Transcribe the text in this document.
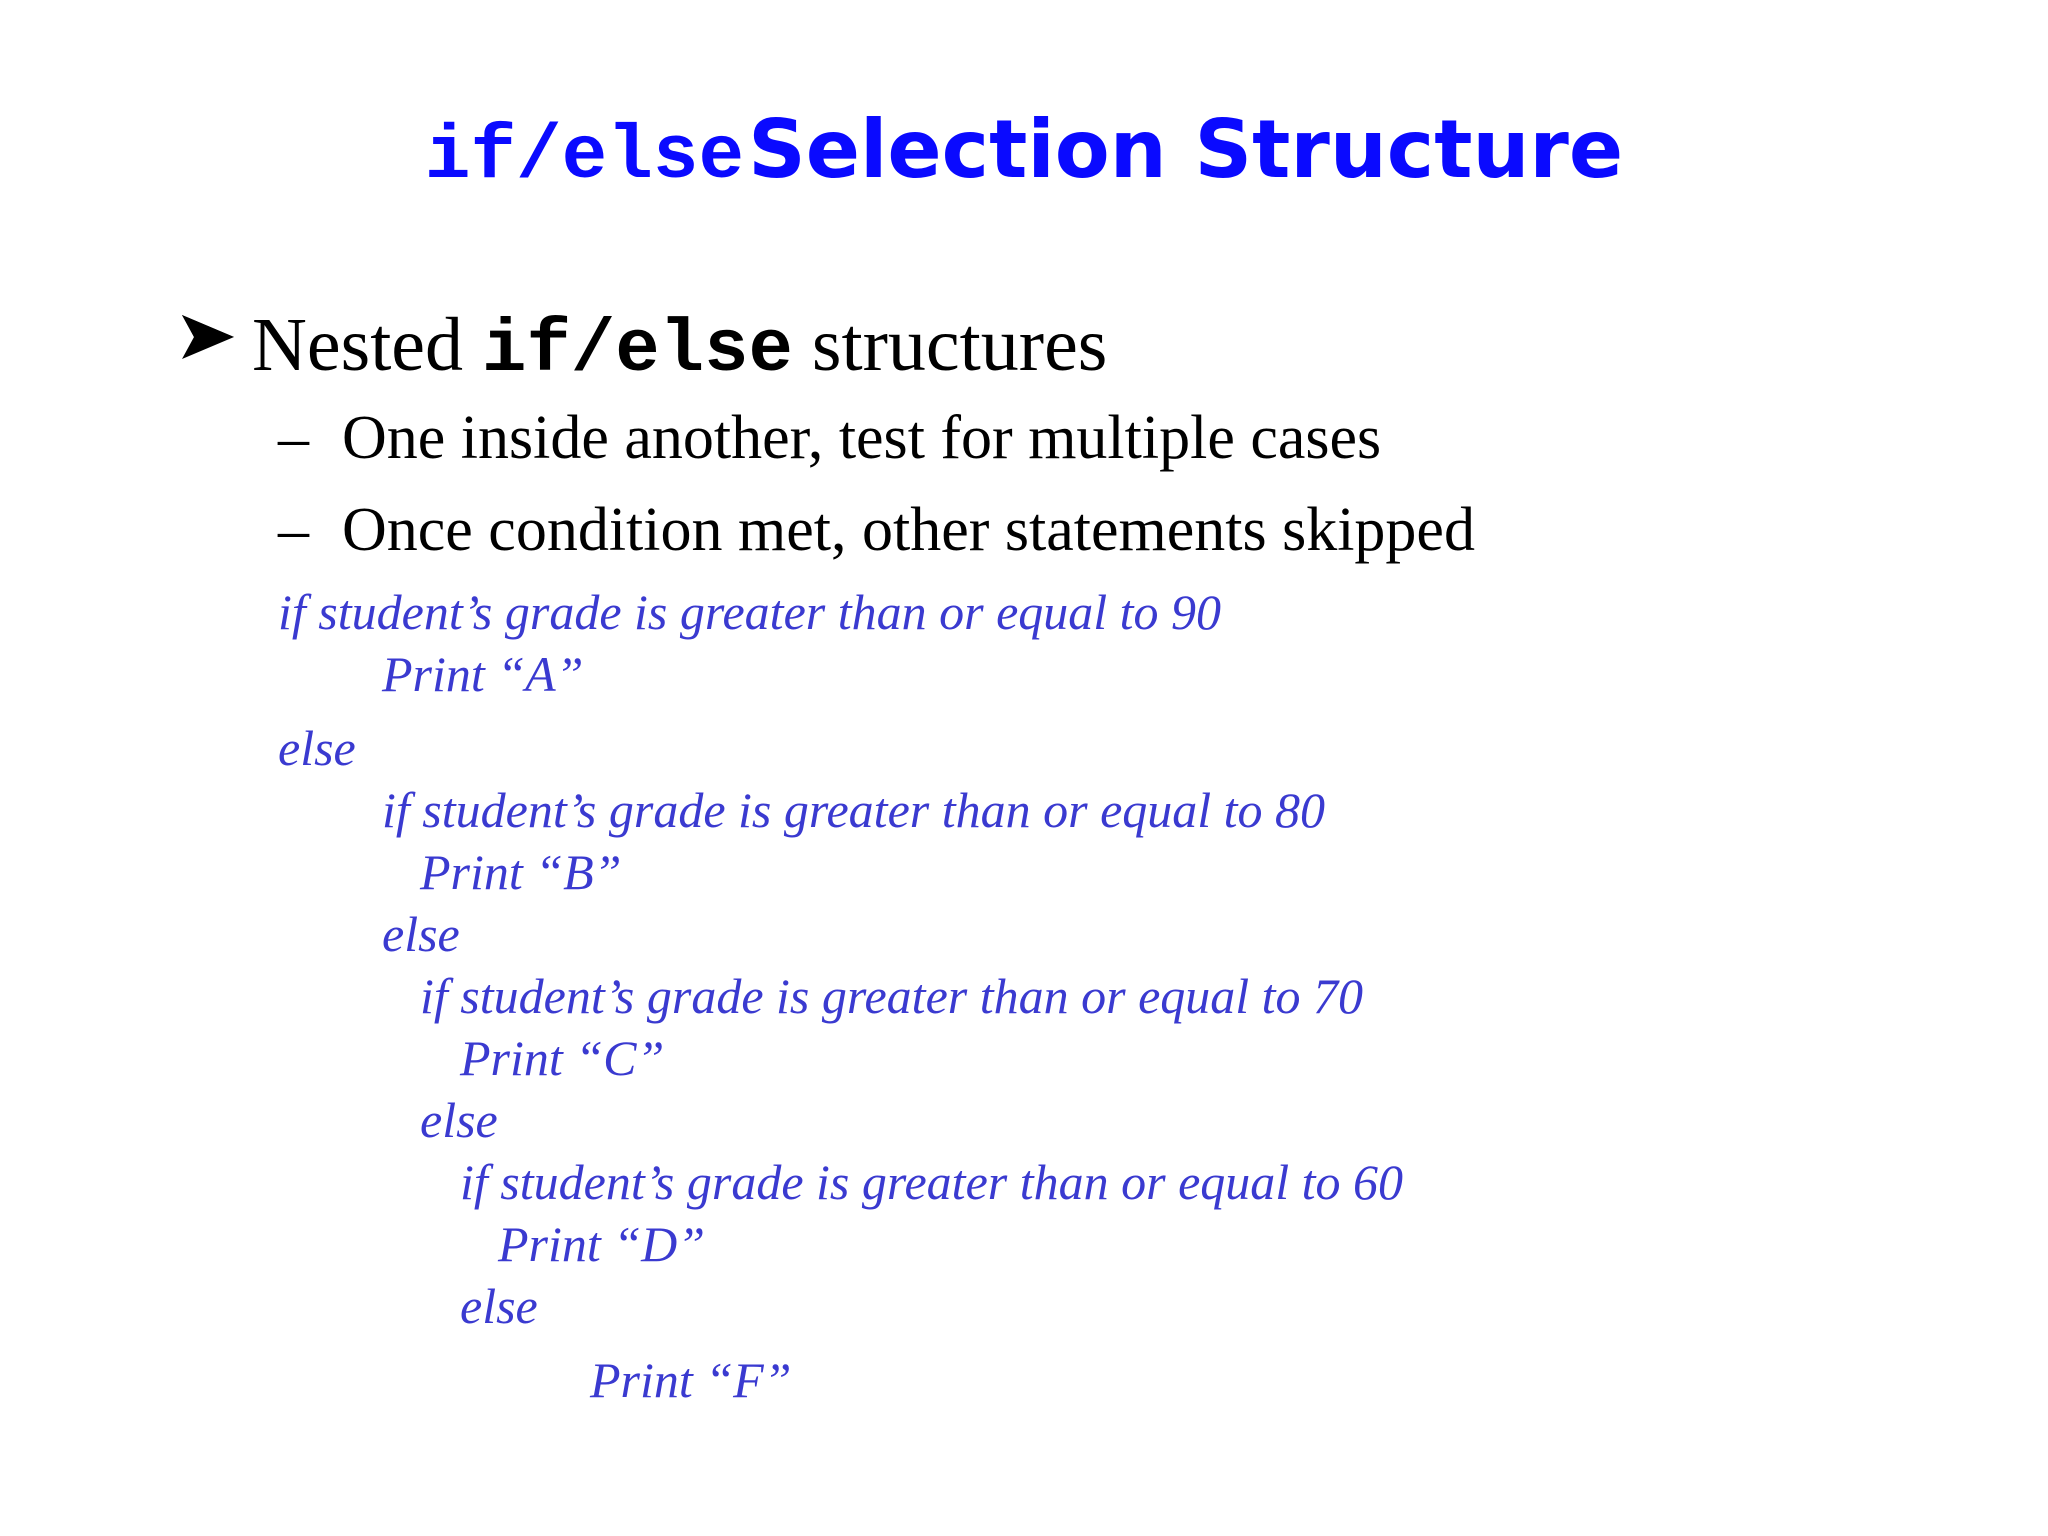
if/else Selection Structure
Nested if/else structures
– One inside another, test for multiple cases
– Once condition met, other statements skipped
if student’s grade is greater than or equal to 90
Print “A”
else
if student’s grade is greater than or equal to 80
Print “B”
else
if student’s grade is greater than or equal to 70
Print “C”
else
if student’s grade is greater than or equal to 60
Print “D”
else
Print “F”
